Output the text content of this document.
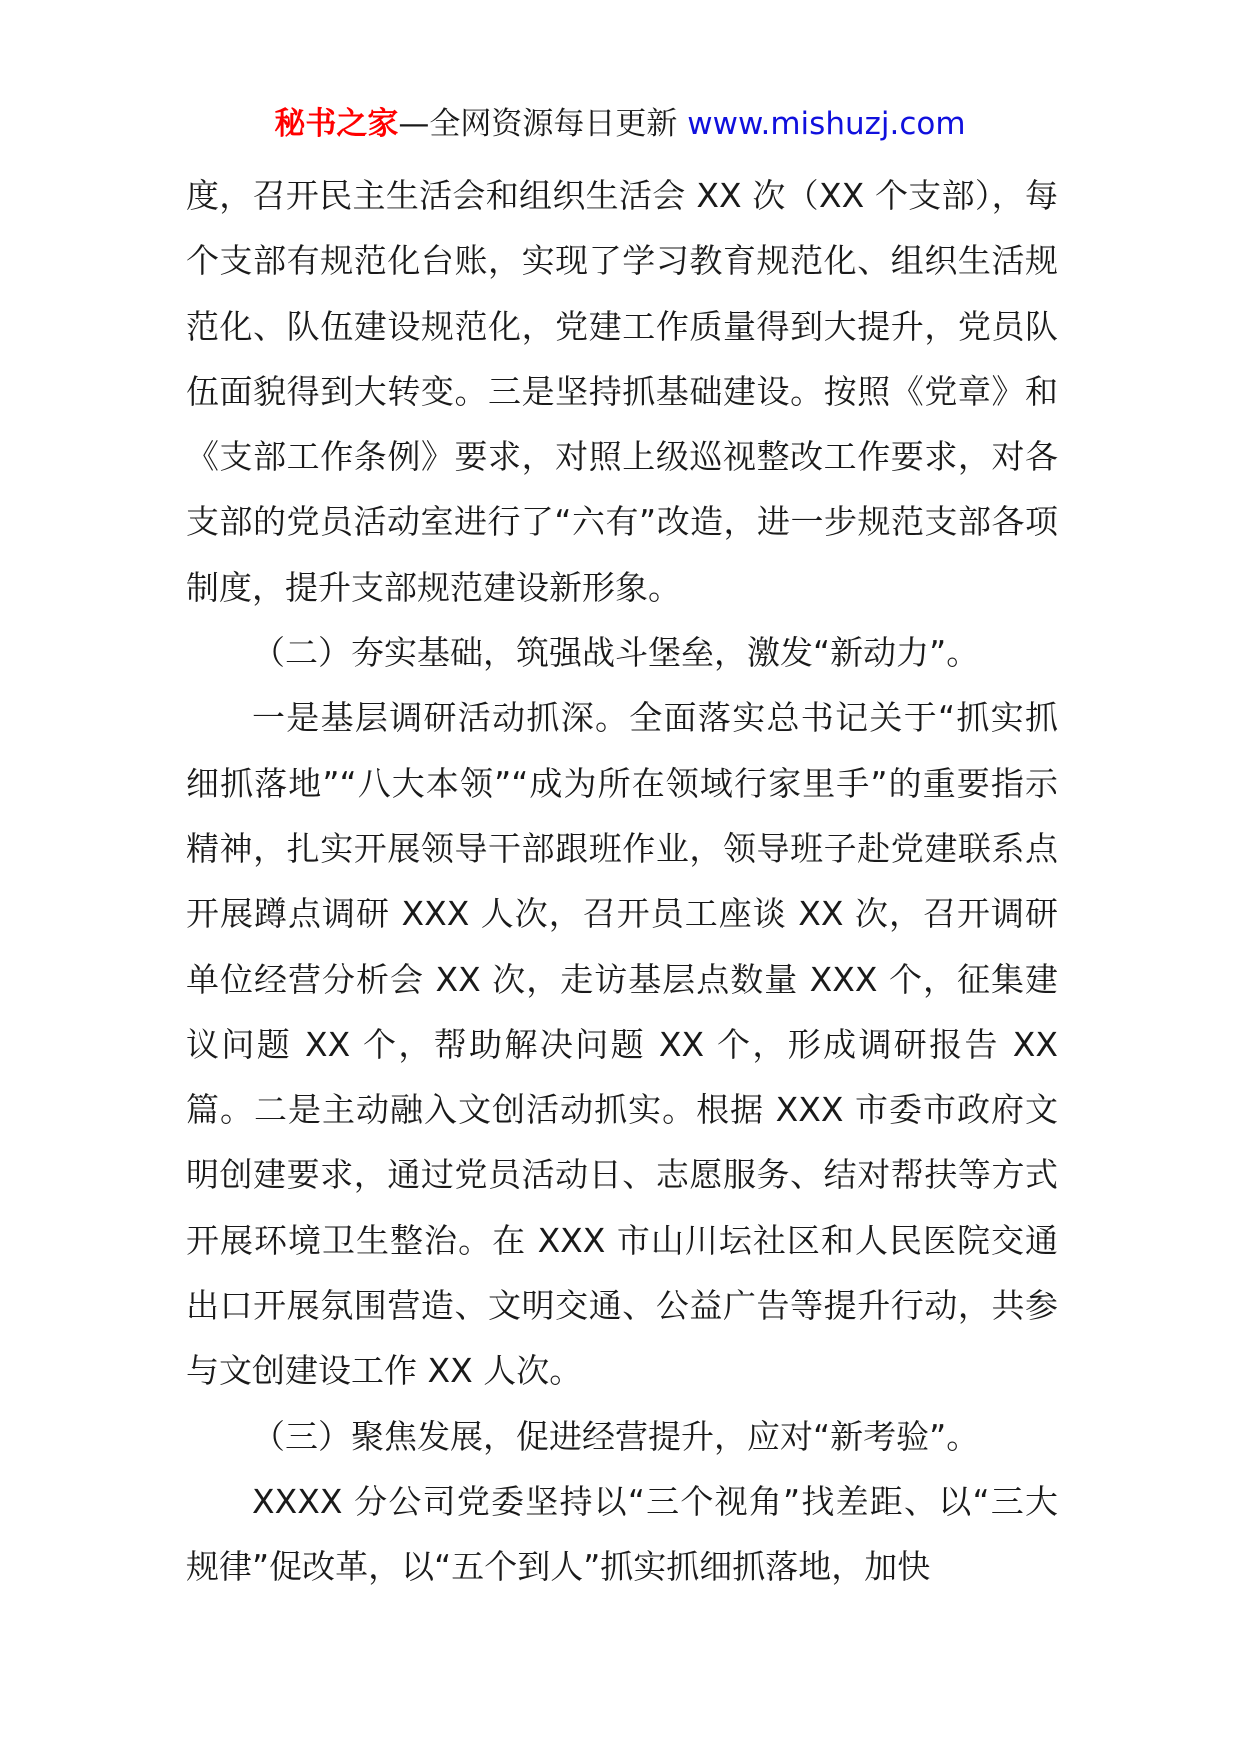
秘书之家—全网资源每日更新 www.mishuzj.com

度，召开民主生活会和组织生活会 XX 次（XX 个支部），每个支部有规范化台账，实现了学习教育规范化、组织生活规范化、队伍建设规范化，党建工作质量得到大提升，党员队伍面貌得到大转变。三是坚持抓基础建设。按照《党章》和《支部工作条例》要求，对照上级巡视整改工作要求，对各支部的党员活动室进行了“六有”改造，进一步规范支部各项制度，提升支部规范建设新形象。

（二）夯实基础，筑强战斗堡垒，激发“新动力”。

一是基层调研活动抓深。全面落实总书记关于“抓实抓细抓落地”“八大本领”“成为所在领域行家里手”的重要指示精神，扎实开展领导干部跟班作业，领导班子赴党建联系点开展蹲点调研 XXX 人次，召开员工座谈 XX 次，召开调研单位经营分析会 XX 次，走访基层点数量 XXX 个，征集建议问题 XX 个，帮助解决问题 XX 个，形成调研报告 XX 篇。二是主动融入文创活动抓实。根据 XXX 市委市政府文明创建要求，通过党员活动日、志愿服务、结对帮扶等方式开展环境卫生整治。在 XXX 市山川坛社区和人民医院交通出口开展氛围营造、文明交通、公益广告等提升行动，共参与文创建设工作 XX 人次。

（三）聚焦发展，促进经营提升，应对“新考验”。

XXXX 分公司党委坚持以“三个视角”找差距、以“三大规律”促改革，以“五个到人”抓实抓细抓落地，加快
